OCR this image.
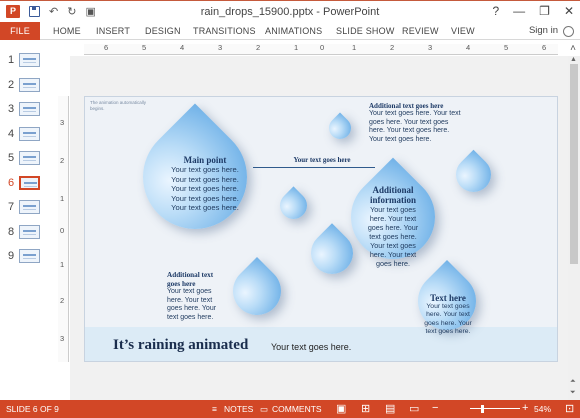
P	↶ ↻ ▣	rain_drops_15900.pptx - PowerPoint	? — ❐ ✕
FILE	HOME INSERT DESIGN TRANSITIONS ANIMATIONS SLIDE SHOW REVIEW VIEW	Sign in
˄
1
2
3
4
5
6
7
8
9
6	5	4	3	2	1	0	1	2	3	4	5	6
3
2
1
0
1
2
3
The animation automatically begins.
Your text goes here
Main point
Your text goes here.
Your text goes here.
Your text goes here.
Your text goes here.
Your text goes here.
Additional text goes here
Your text goes here. Your text
goes here. Your text goes
here. Your text goes here.
Your text goes here.
Additional
information
Your text goes
here. Your text
goes here. Your
text goes here.
Your text goes
here. Your text
goes here.
Additional text
goes here
Your text goes
here. Your text
goes here. Your
text goes here.
Text here
Your text goes
here. Your text
goes here. Your
text goes here.
It’s raining animated	Your text goes here.
▲
⏶
⏷
SLIDE 6 OF 9	≡ NOTES ▭ COMMENTS ▣ ⊞ ▤ ▭ −	+ 54% ⊡
